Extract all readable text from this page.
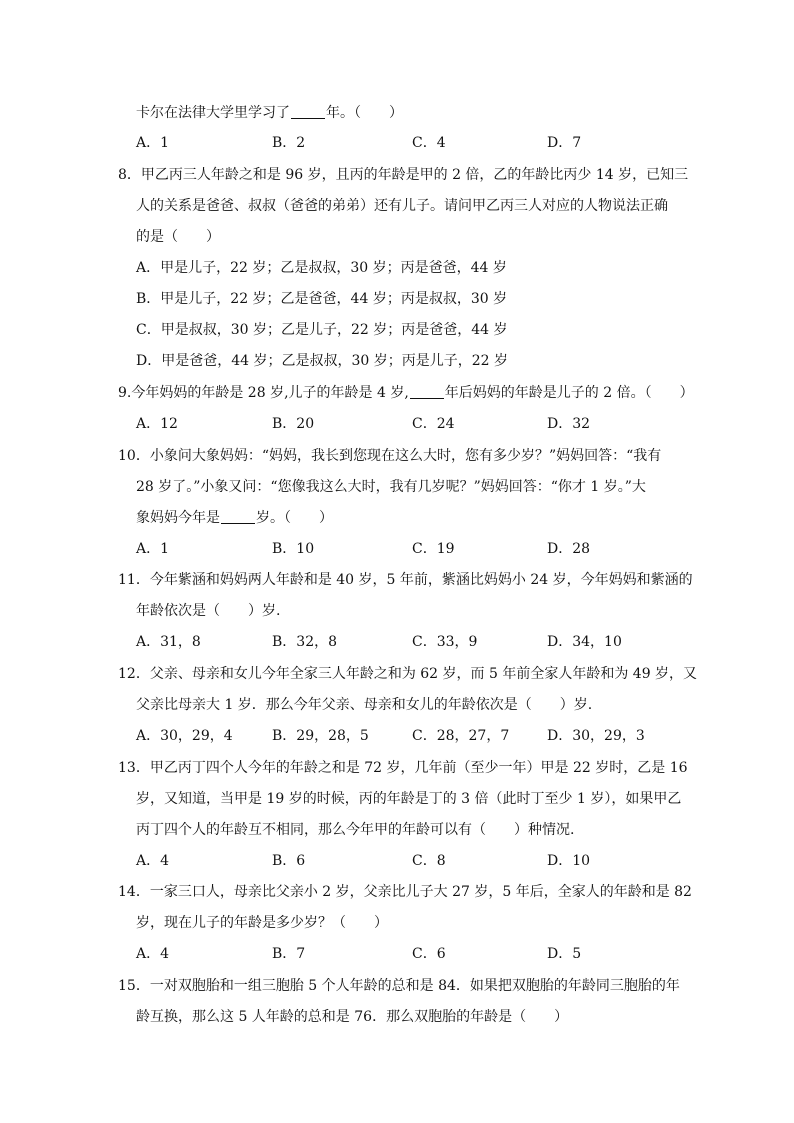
卡尔在法律大学里学习了	年。（　　）
A．1	B．2	C．4	D．7
8．甲乙丙三人年龄之和是 96 岁，且丙的年龄是甲的 2 倍，乙的年龄比丙少 14 岁，已知三
人的关系是爸爸、叔叔（爸爸的弟弟）还有儿子。请问甲乙丙三人对应的人物说法正确
的是（　　）
A．甲是儿子，22 岁；乙是叔叔，30 岁；丙是爸爸，44 岁
B．甲是儿子，22 岁；乙是爸爸，44 岁；丙是叔叔，30 岁
C．甲是叔叔，30 岁；乙是儿子，22 岁；丙是爸爸，44 岁
D．甲是爸爸，44 岁；乙是叔叔，30 岁；丙是儿子，22 岁
9.今年妈妈的年龄是 28 岁,儿子的年龄是 4 岁,	年后妈妈的年龄是儿子的 2 倍。（　　）
A．12	B．20	C．24	D．32
10．小象问大象妈妈：“妈妈，我长到您现在这么大时，您有多少岁？”妈妈回答：“我有
28 岁了。”小象又问：“您像我这么大时，我有几岁呢？”妈妈回答：“你才 1 岁。”大
象妈妈今年是	岁。（　　）
A．1	B．10	C．19	D．28
11．今年紫涵和妈妈两人年龄和是 40 岁，5 年前，紫涵比妈妈小 24 岁，今年妈妈和紫涵的
年龄依次是（　　）岁.
A．31，8	B．32，8	C．33，9	D．34，10
12．父亲、母亲和女儿今年全家三人年龄之和为 62 岁，而 5 年前全家人年龄和为 49 岁，又
父亲比母亲大 1 岁．那么今年父亲、母亲和女儿的年龄依次是（　　）岁.
A．30，29，4	B．29，28，5	C．28，27，7	D．30，29，3
13．甲乙丙丁四个人今年的年龄之和是 72 岁，几年前（至少一年）甲是 22 岁时，乙是 16
岁，又知道，当甲是 19 岁的时候，丙的年龄是丁的 3 倍（此时丁至少 1 岁），如果甲乙
丙丁四个人的年龄互不相同，那么今年甲的年龄可以有（　　）种情况.
A．4	B．6	C．8	D．10
14．一家三口人，母亲比父亲小 2 岁，父亲比儿子大 27 岁，5 年后，全家人的年龄和是 82
岁，现在儿子的年龄是多少岁？（　　）
A．4	B．7	C．6	D．5
15．一对双胞胎和一组三胞胎 5 个人年龄的总和是 84．如果把双胞胎的年龄同三胞胎的年
龄互换，那么这 5 人年龄的总和是 76．那么双胞胎的年龄是（　　）
